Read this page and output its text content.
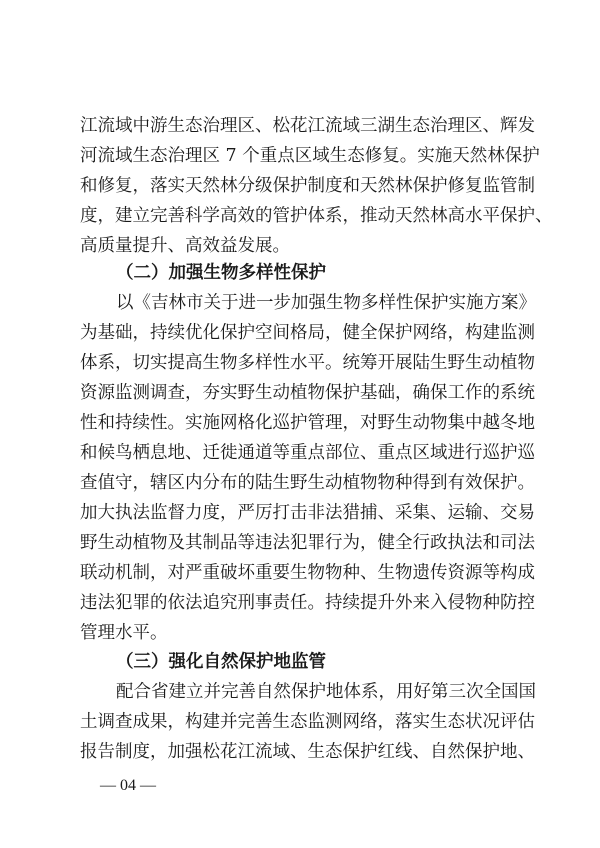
江流域中游生态治理区、松花江流域三湖生态治理区、辉发
河流域生态治理区 7 个重点区域生态修复。实施天然林保护
和修复，落实天然林分级保护制度和天然林保护修复监管制
度，建立完善科学高效的管护体系，推动天然林高水平保护、
高质量提升、高效益发展。
（二）加强生物多样性保护
以《吉林市关于进一步加强生物多样性保护实施方案》
为基础，持续优化保护空间格局，健全保护网络，构建监测
体系，切实提高生物多样性水平。统筹开展陆生野生动植物
资源监测调查，夯实野生动植物保护基础，确保工作的系统
性和持续性。实施网格化巡护管理，对野生动物集中越冬地
和候鸟栖息地、迁徙通道等重点部位、重点区域进行巡护巡
查值守，辖区内分布的陆生野生动植物物种得到有效保护。
加大执法监督力度，严厉打击非法猎捕、采集、运输、交易
野生动植物及其制品等违法犯罪行为，健全行政执法和司法
联动机制，对严重破坏重要生物物种、生物遗传资源等构成
违法犯罪的依法追究刑事责任。持续提升外来入侵物种防控
管理水平。
（三）强化自然保护地监管
配合省建立并完善自然保护地体系，用好第三次全国国
土调查成果，构建并完善生态监测网络，落实生态状况评估
报告制度，加强松花江流域、生态保护红线、自然保护地、
— 04 —
